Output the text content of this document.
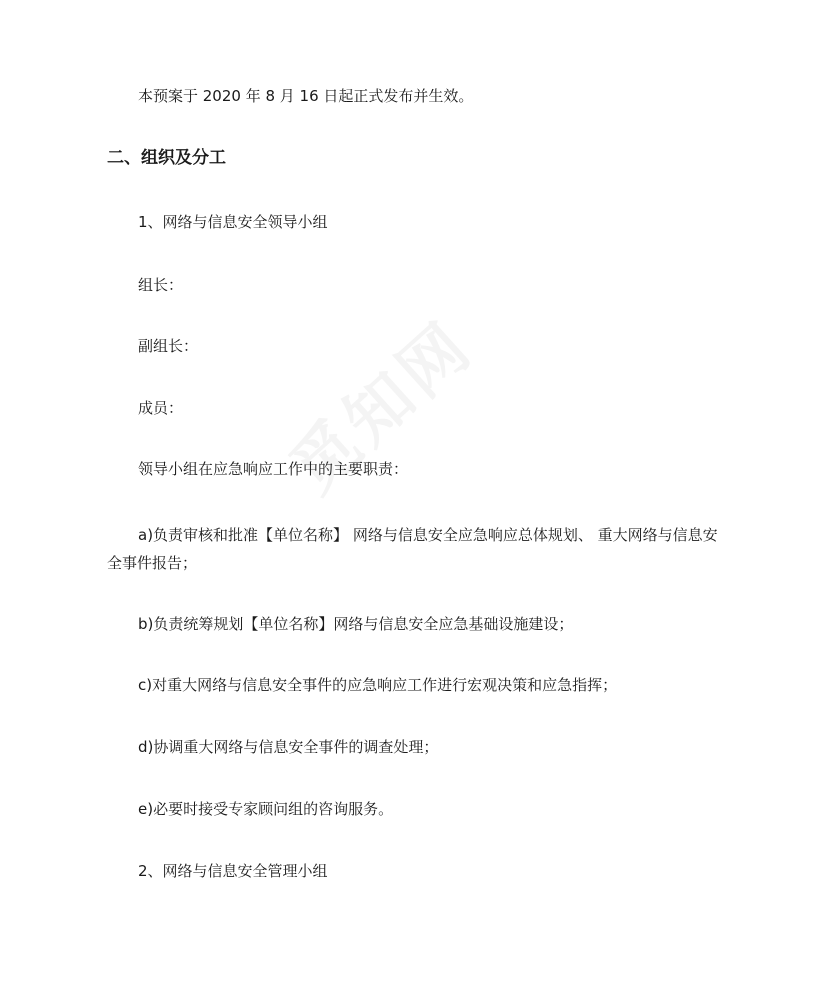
本预案于 2020 年 8 月 16 日起正式发布并生效。
二、组织及分工
1、网络与信息安全领导小组
组长：
副组长：
成员：
领导小组在应急响应工作中的主要职责：
a)负责审核和批准【单位名称】 网络与信息安全应急响应总体规划、 重大网络与信息安全事件报告；
b)负责统筹规划【单位名称】网络与信息安全应急基础设施建设；
c)对重大网络与信息安全事件的应急响应工作进行宏观决策和应急指挥；
d)协调重大网络与信息安全事件的调查处理；
e)必要时接受专家顾问组的咨询服务。
2、网络与信息安全管理小组
